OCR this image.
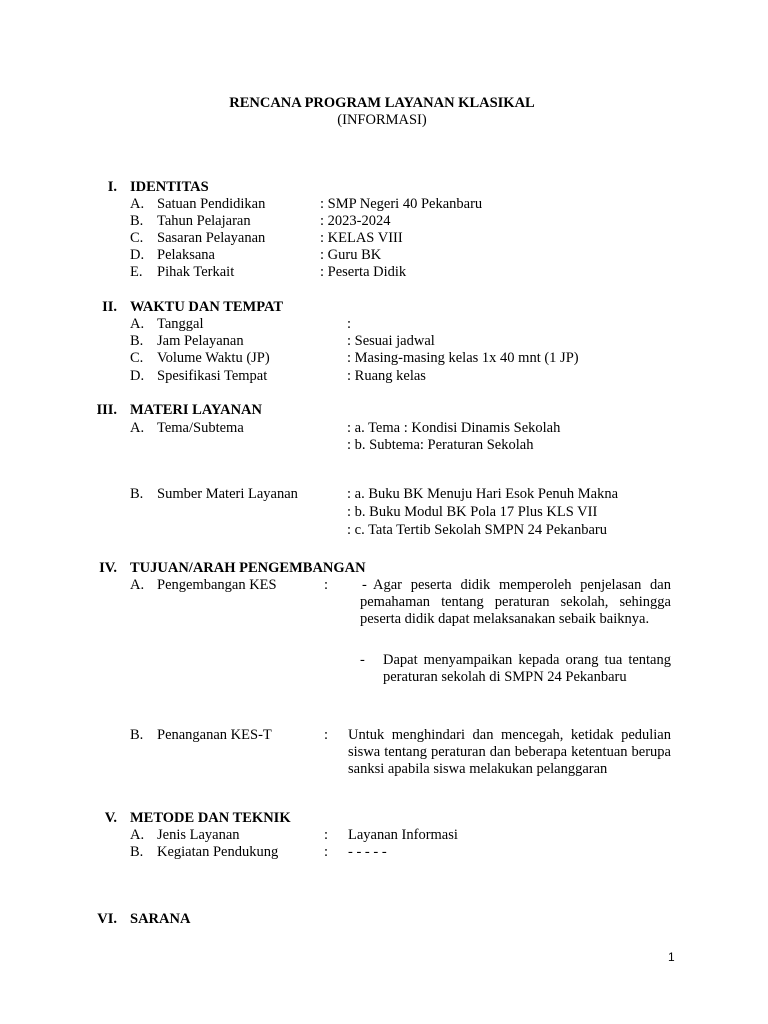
RENCANA PROGRAM LAYANAN KLASIKAL
(INFORMASI)
I. IDENTITAS
A. Satuan Pendidikan	: SMP Negeri 40 Pekanbaru
B. Tahun Pelajaran	: 2023-2024
C. Sasaran Pelayanan	: KELAS VIII
D. Pelaksana	: Guru BK
E. Pihak Terkait	: Peserta Didik
II. WAKTU DAN TEMPAT
A. Tanggal	:
B. Jam Pelayanan	: Sesuai jadwal
C. Volume Waktu (JP)	: Masing-masing kelas 1x 40 mnt (1 JP)
D. Spesifikasi Tempat	: Ruang kelas
III. MATERI LAYANAN
A. Tema/Subtema	: a. Tema : Kondisi Dinamis Sekolah
: b. Subtema: Peraturan Sekolah
B. Sumber Materi Layanan	: a. Buku BK Menuju Hari Esok Penuh Makna
: b. Buku Modul BK Pola 17 Plus KLS VII
: c. Tata Tertib Sekolah SMPN 24 Pekanbaru
IV. TUJUAN/ARAH PENGEMBANGAN
A. Pengembangan KES	: - Agar peserta didik memperoleh penjelasan dan
pemahaman tentang peraturan sekolah, sehingga peserta didik dapat melaksanakan sebaik baiknya.
- Dapat menyampaikan kepada orang tua tentang peraturan sekolah di SMPN 24 Pekanbaru
B. Penanganan KES-T	: Untuk menghindari dan mencegah, ketidak pedulian siswa tentang peraturan dan beberapa ketentuan berupa sanksi apabila siswa melakukan pelanggaran
V. METODE DAN TEKNIK
A. Jenis Layanan	: Layanan Informasi
B. Kegiatan Pendukung	: - - - - -
VI. SARANA
1
